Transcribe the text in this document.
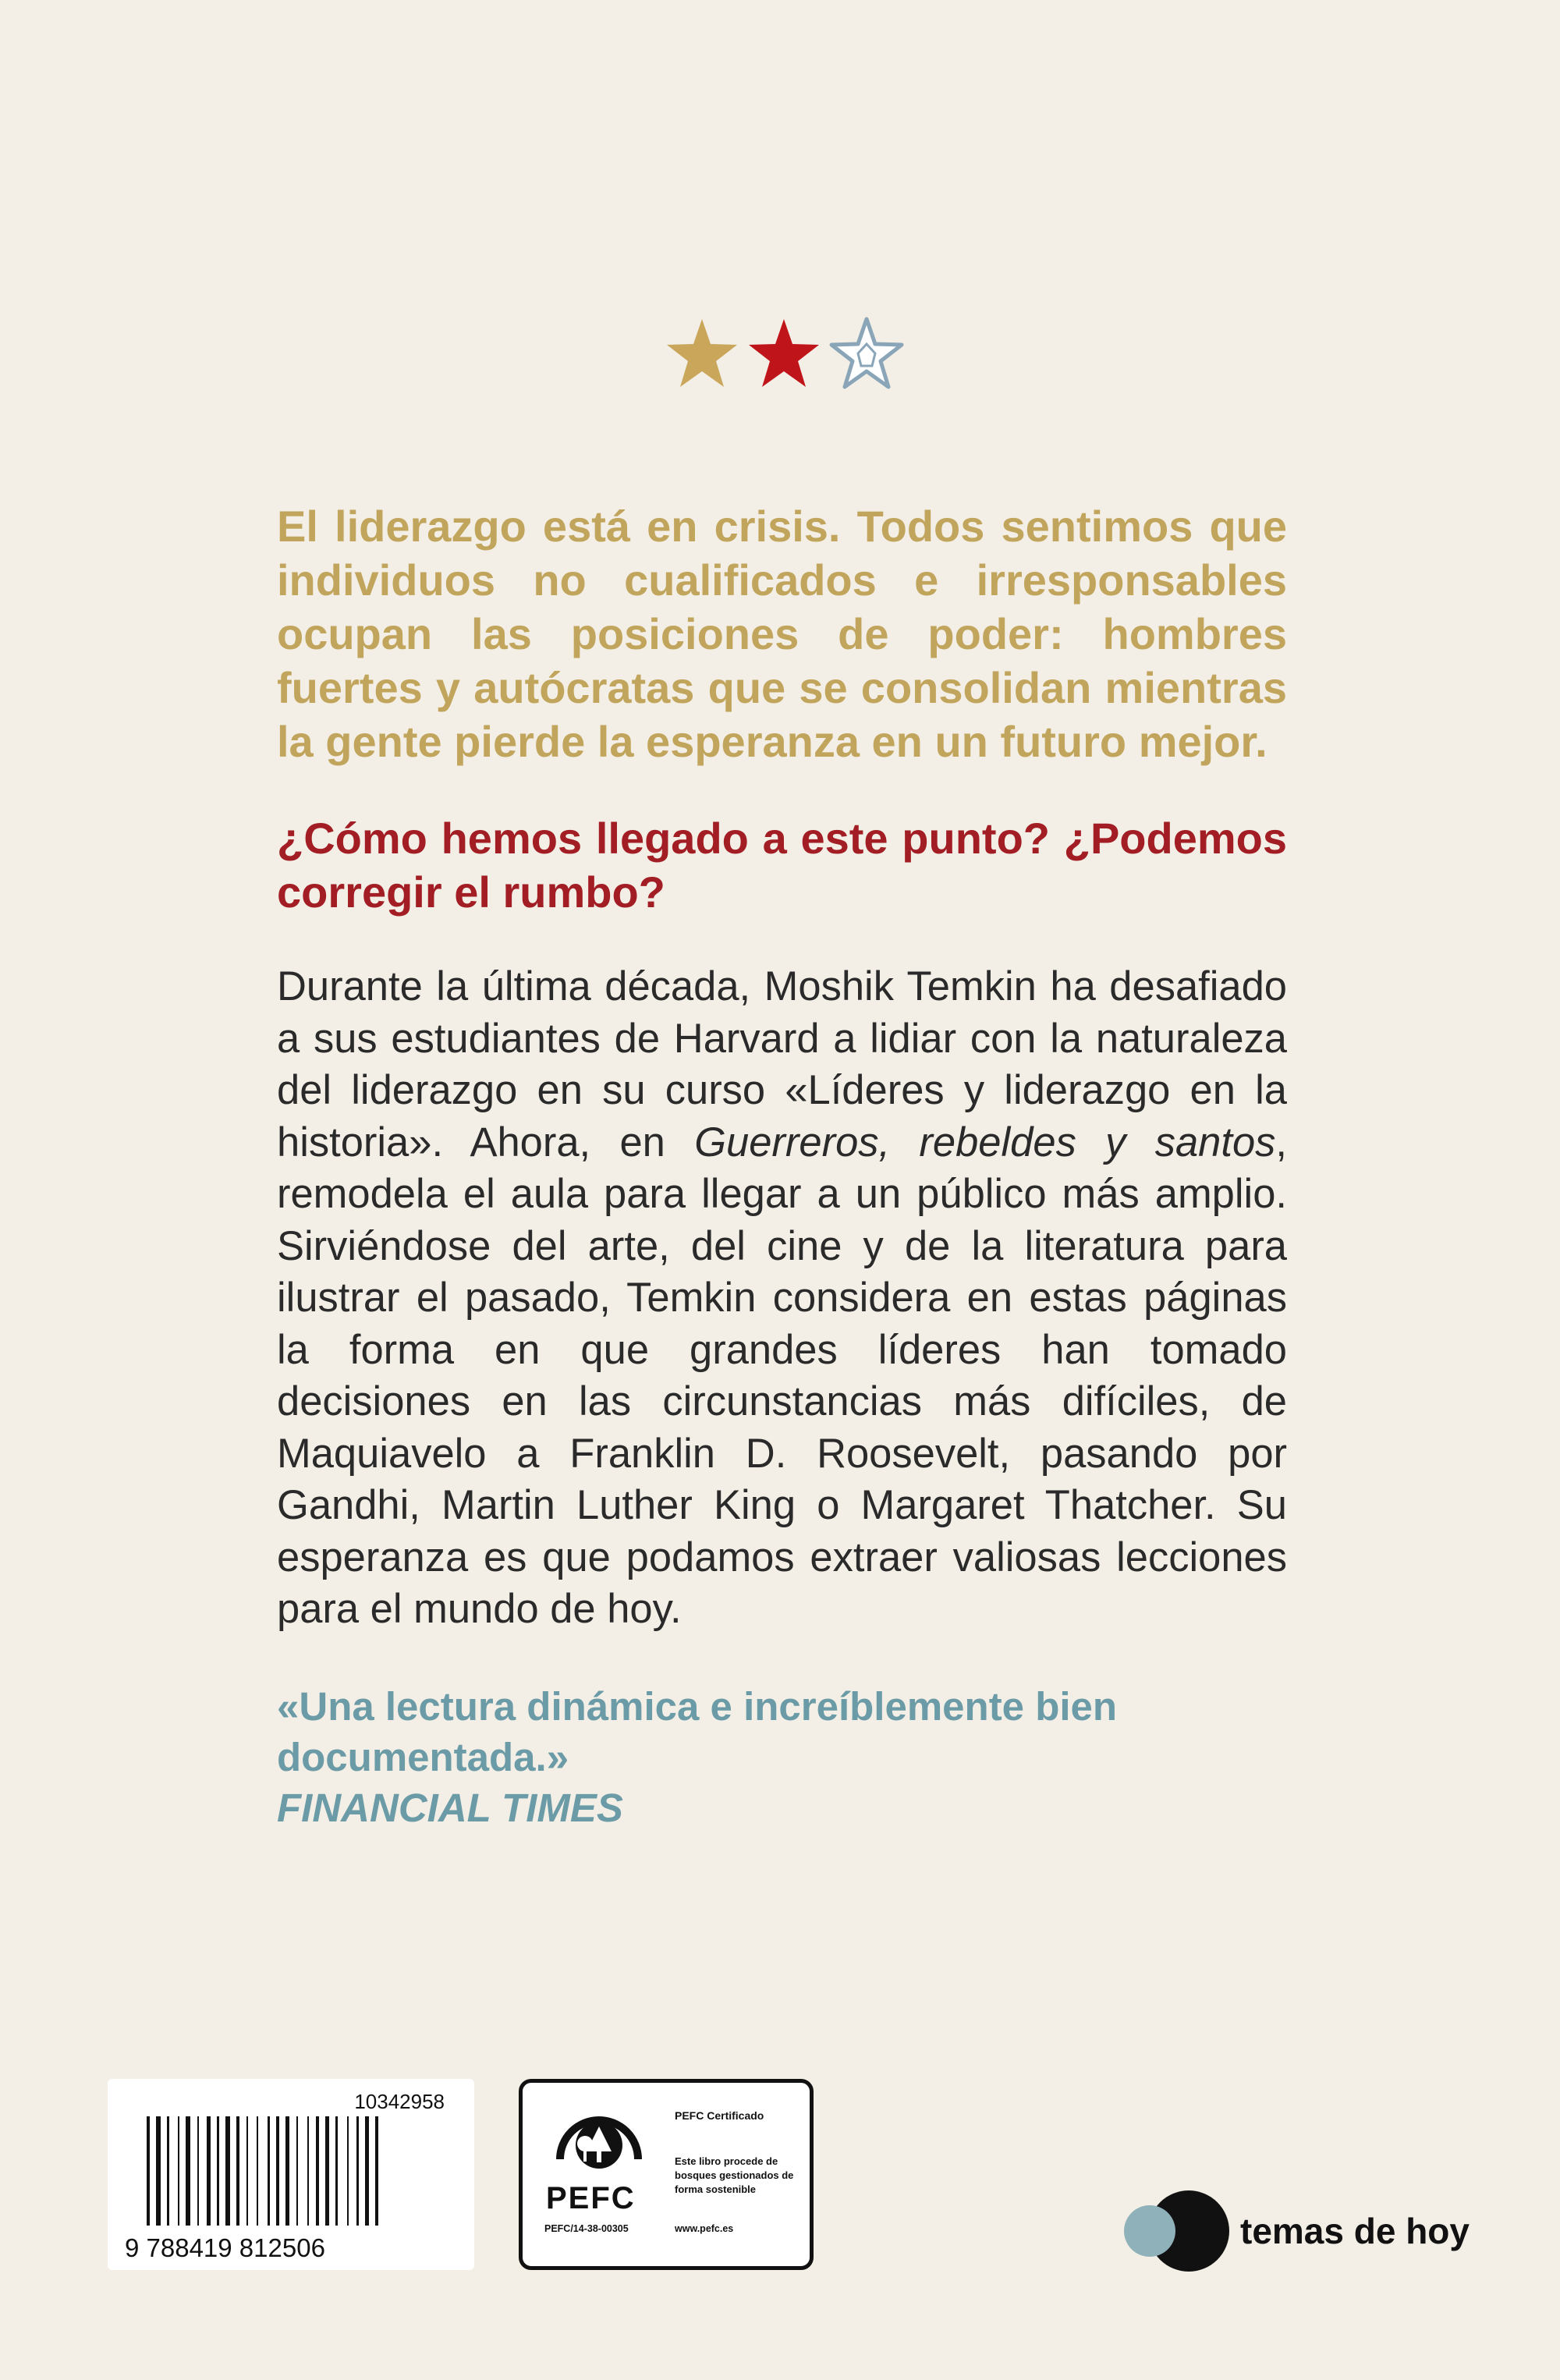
El liderazgo está en crisis. Todos sentimos que individuos no cualificados e irresponsables ocupan las posiciones de poder: hombres fuertes y autócratas que se consolidan mientras la gente pierde la esperanza en un futuro mejor.

¿Cómo hemos llegado a este punto? ¿Podemos corregir el rumbo?

Durante la última década, Moshik Temkin ha desafiado a sus estudiantes de Harvard a lidiar con la naturaleza del liderazgo en su curso «Líderes y liderazgo en la historia». Ahora, en Guerreros, rebeldes y santos, remodela el aula para llegar a un público más amplio. Sirviéndose del arte, del cine y de la literatura para ilustrar el pasado, Temkin considera en estas páginas la forma en que grandes líderes han tomado decisiones en las circunstancias más difíciles, de Maquiavelo a Franklin D. Roosevelt, pasando por Gandhi, Martin Luther King o Margaret Thatcher. Su esperanza es que podamos extraer valiosas lecciones para el mundo de hoy.

«Una lectura dinámica e increíblemente bien documentada.»
FINANCIAL TIMES

10342958
9 788419 812506
PEFC
PEFC/14-38-00305
PEFC Certificado
Este libro procede de bosques gestionados de forma sostenible
www.pefc.es	temas de hoy
